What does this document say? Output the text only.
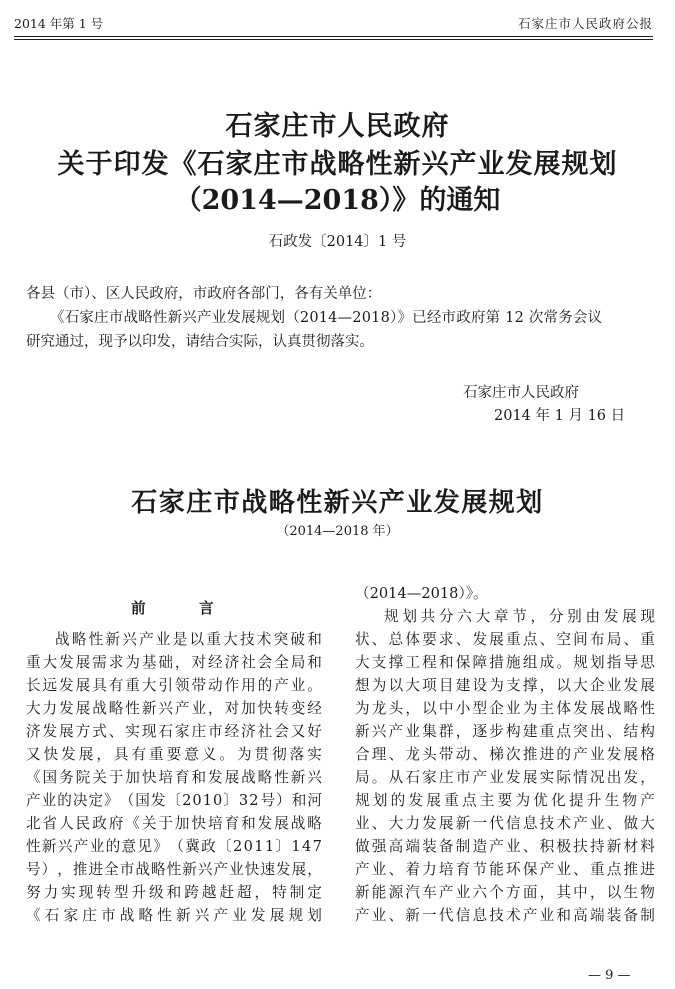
2014 年第 1 号	石家庄市人民政府公报
石家庄市人民政府
关于印发《石家庄市战略性新兴产业发展规划
（2014—2018）》的通知
石政发〔2014〕1 号
各县（市）、区人民政府，市政府各部门，各有关单位：
《石家庄市战略性新兴产业发展规划（2014—2018）》已经市政府第 12 次常务会议
研究通过，现予以印发，请结合实际，认真贯彻落实。
石家庄市人民政府
2014 年 1 月 16 日
石家庄市战略性新兴产业发展规划
（2014—2018 年）
前	言
战 略 性 新 兴 产 业 是 以 重 大 技 术 突 破 和
重 大 发 展 需 求 为 基 础 ， 对 经 济 社 会 全 局 和
长 远 发 展 具 有 重 大 引 领 带 动 作 用 的 产 业 。
大 力 发 展 战 略 性 新 兴 产 业 ， 对 加 快 转 变 经
济 发 展 方 式 、 实 现 石 家 庄 市 经 济 社 会 又 好
又 快 发 展 ， 具 有 重 要 意 义 。 为 贯 彻 落 实
《 国 务 院 关 于 加 快 培 育 和 发 展 战 略 性 新 兴
产 业 的 决 定 》 （ 国 发 〔 2 0 1 0 〕 3 2 号 ） 和 河
北 省 人 民 政 府 《 关 于 加 快 培 育 和 发 展 战 略
性 新 兴 产 业 的 意 见 》 （ 冀 政 〔 2 0 1 1 〕 1 4 7
号 ） ， 推 进 全 市 战 略 性 新 兴 产 业 快 速 发 展 ，
努 力 实 现 转 型 升 级 和 跨 越 赶 超 ， 特 制 定
《 石 家 庄 市 战 略 性 新 兴 产 业 发 展 规 划
（2014—2018）》。
规 划 共 分 六 大 章 节 ， 分 别 由 发 展 现
状 、 总 体 要 求 、 发 展 重 点 、 空 间 布 局 、 重
大 支 撑 工 程 和 保 障 措 施 组 成 。 规 划 指 导 思
想 为 以 大 项 目 建 设 为 支 撑 ， 以 大 企 业 发 展
为 龙 头 ， 以 中 小 型 企 业 为 主 体 发 展 战 略 性
新 兴 产 业 集 群 ， 逐 步 构 建 重 点 突 出 、 结 构
合 理 、 龙 头 带 动 、 梯 次 推 进 的 产 业 发 展 格
局 。 从 石 家 庄 市 产 业 发 展 实 际 情 况 出 发 ，
规 划 的 发 展 重 点 主 要 为 优 化 提 升 生 物 产
业 、 大 力 发 展 新 一 代 信 息 技 术 产 业 、 做 大
做 强 高 端 装 备 制 造 产 业 、 积 极 扶 持 新 材 料
产 业 、 着 力 培 育 节 能 环 保 产 业 、 重 点 推 进
新 能 源 汽 车 产 业 六 个 方 面 ， 其 中 ， 以 生 物
产 业 、 新 一 代 信 息 技 术 产 业 和 高 端 装 备 制
— 9 —
